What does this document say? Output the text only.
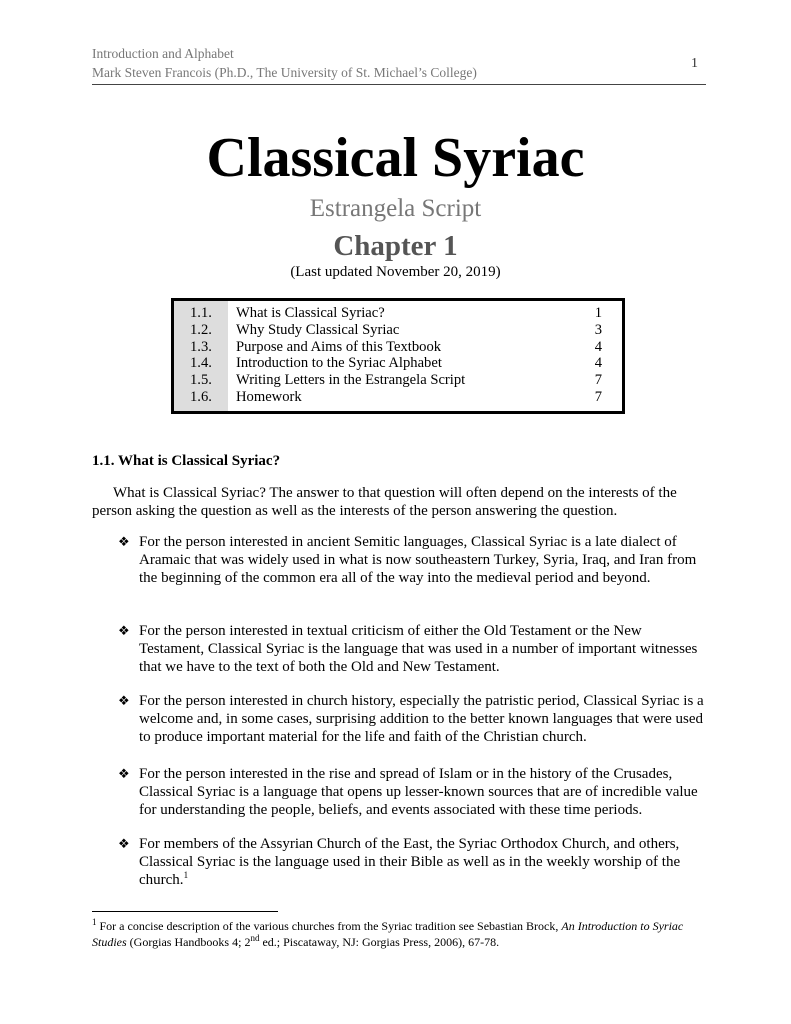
Introduction and Alphabet
Mark Steven Francois (Ph.D., The University of St. Michael’s College)
1
Classical Syriac
Estrangela Script
Chapter 1
(Last updated November 20, 2019)
1.1. What is Classical Syriac?	1
1.2. Why Study Classical Syriac	3
1.3. Purpose and Aims of this Textbook	4
1.4. Introduction to the Syriac Alphabet	4
1.5. Writing Letters in the Estrangela Script	7
1.6. Homework	7
1.1. What is Classical Syriac?
What is Classical Syriac? The answer to that question will often depend on the interests of the person asking the question as well as the interests of the person answering the question.
❖ For the person interested in ancient Semitic languages, Classical Syriac is a late dialect of Aramaic that was widely used in what is now southeastern Turkey, Syria, Iraq, and Iran from the beginning of the common era all of the way into the medieval period and beyond.
❖ For the person interested in textual criticism of either the Old Testament or the New Testament, Classical Syriac is the language that was used in a number of important witnesses that we have to the text of both the Old and New Testament.
❖ For the person interested in church history, especially the patristic period, Classical Syriac is a welcome and, in some cases, surprising addition to the better known languages that were used to produce important material for the life and faith of the Christian church.
❖ For the person interested in the rise and spread of Islam or in the history of the Crusades, Classical Syriac is a language that opens up lesser-known sources that are of incredible value for understanding the people, beliefs, and events associated with these time periods.
❖ For members of the Assyrian Church of the East, the Syriac Orthodox Church, and others, Classical Syriac is the language used in their Bible as well as in the weekly worship of the church.$^1$
$^1$ For a concise description of the various churches from the Syriac tradition see Sebastian Brock, An Introduction to Syriac Studies (Gorgias Handbooks 4; 2nd ed.; Piscataway, NJ: Gorgias Press, 2006), 67-78.
